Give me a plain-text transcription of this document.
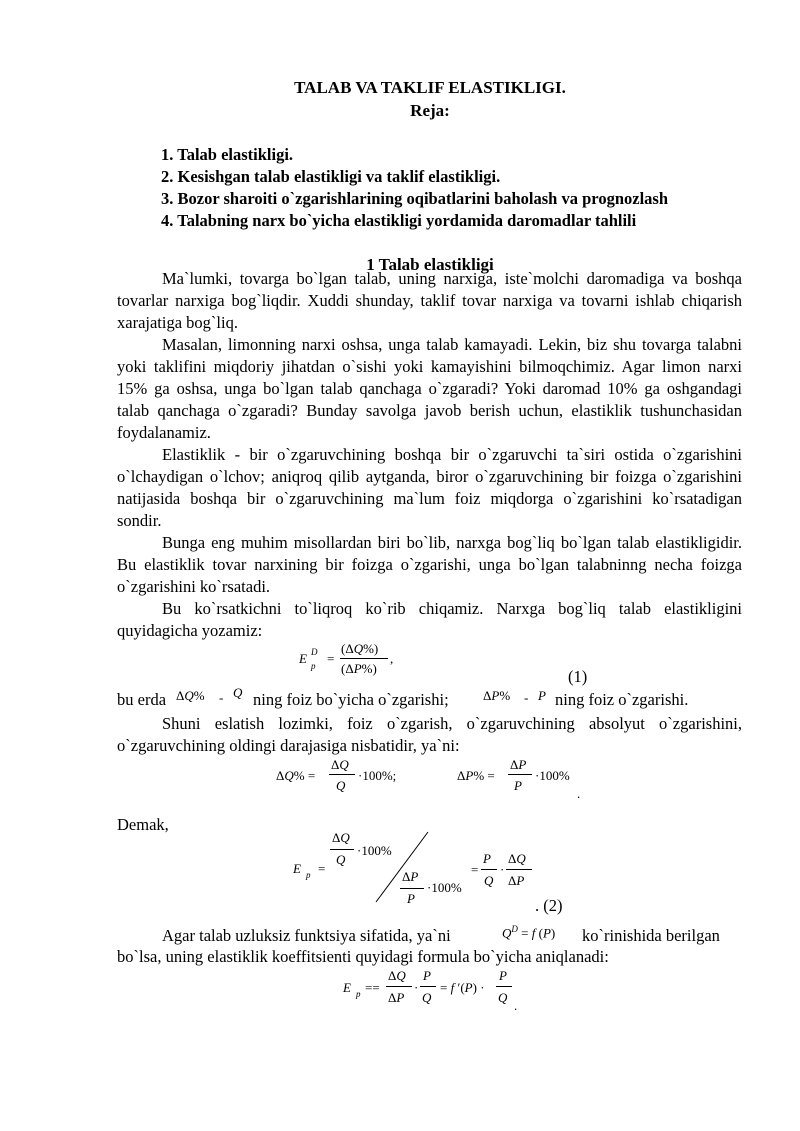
TALAB VA TAKLIF ELASTIKLIGI.
Reja:
1. Talab elastikligi.
2. Kesishgan talab elastikligi va taklif elastikligi.
3. Bozor sharoiti o`zgarishlarining oqibatlarini baholash va prognozlash
4. Talabning narx bo`yicha elastikligi yordamida daromadlar tahlili
1 Talab elastikligi

Ma`lumki, tovarga bo`lgan talab, uning narxiga, iste`molchi daromadiga va boshqa tovarlar narxiga bog`liqdir. Xuddi shunday, taklif tovar narxiga va tovarni ishlab chiqarish xarajatiga bog`liq.

Masalan, limonning narxi oshsa, unga talab kamayadi. Lekin, biz shu tovarga talabni yoki taklifini miqdoriy jihatdan o`sishi yoki kamayishini bilmoqchimiz. Agar limon narxi 15% ga oshsa, unga bo`lgan talab qanchaga o`zgaradi? Yoki daromad 10% ga oshgandagi talab qanchaga o`zgaradi? Bunday savolga javob berish uchun, elastiklik tushunchasidan foydalanamiz.

Elastiklik - bir o`zgaruvchining boshqa bir o`zgaruvchi ta`siri ostida o`zgarishini o`lchaydigan o`lchov; aniqroq qilib aytganda, biror o`zgaruvchining bir foizga o`zgarishini natijasida boshqa bir o`zgaruvchining ma`lum foiz miqdorga o`zgarishini ko`rsatadigan sondir.

Bunga eng muhim misollardan biri bo`lib, narxga bog`liq bo`lgan talab elastikligidir. Bu elastiklik tovar narxining bir foizga o`zgarishi, unga bo`lgan talabninng necha foizga o`zgarishini ko`rsatadi.

Bu ko`rsatkichni to`liqroq ko`rib chiqamiz. Narxga bog`liq talab elastikligini quyidagicha yozamiz:

E D
p =
(ΔQ%)
(ΔP%)
,
(1)
bu erda ΔQ% - Q ning foiz bo`yicha o`zgarishi;	ΔP% - P ning foiz o`zgarishi.

Shuni eslatish lozimki, foiz o`zgarish, o`zgaruvchining absolyut o`zgarishini, o`zgaruvchining oldingi darajasiga nisbatidir, ya`ni:

ΔQ% =
ΔQ
Q
·100%;	ΔP% =
ΔP
P
·100%
.
Demak,
E p =
ΔQ
Q
·100%
ΔP
P
·100%
=
P
Q
·
ΔQ
ΔP
. (2)
Agar talab uzluksiz funktsiya sifatida, ya`ni	$Q^D = f$ (P) ko`rinishida berilgan
bo`lsa, uning elastiklik koeffitsienti quyidagi formula bo`yicha aniqlanadi:
E p ==
ΔQ
ΔP
·
P
Q
= f ′(P) ·
P
Q
.
